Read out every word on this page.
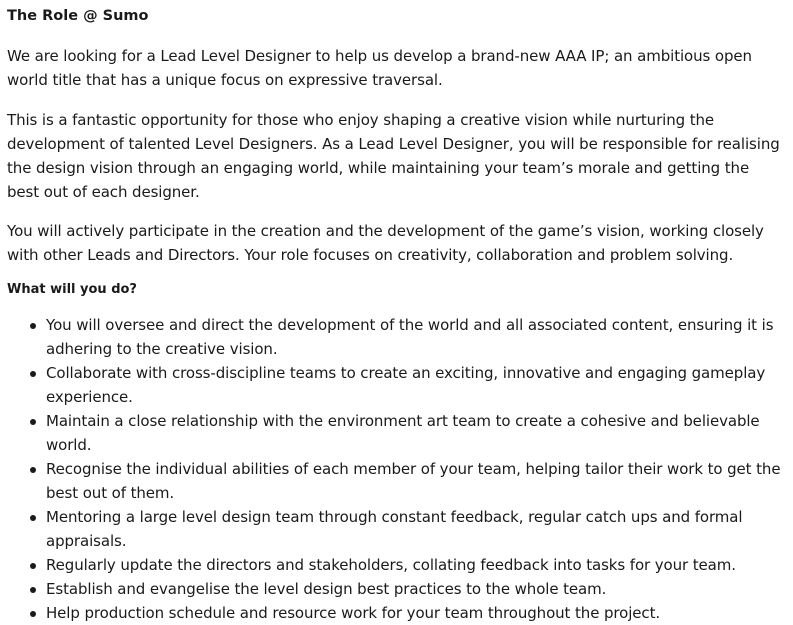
The Role @ Sumo

We are looking for a Lead Level Designer to help us develop a brand-new AAA IP; an ambitious open world title that has a unique focus on expressive traversal.

This is a fantastic opportunity for those who enjoy shaping a creative vision while nurturing the development of talented Level Designers. As a Lead Level Designer, you will be responsible for realising the design vision through an engaging world, while maintaining your team’s morale and getting the best out of each designer.

You will actively participate in the creation and the development of the game’s vision, working closely with other Leads and Directors. Your role focuses on creativity, collaboration and problem solving.

What will you do?
You will oversee and direct the development of the world and all associated content, ensuring it is adhering to the creative vision.
Collaborate with cross-discipline teams to create an exciting, innovative and engaging gameplay experience.
Maintain a close relationship with the environment art team to create a cohesive and believable world.
Recognise the individual abilities of each member of your team, helping tailor their work to get the best out of them.
Mentoring a large level design team through constant feedback, regular catch ups and formal appraisals.
Regularly update the directors and stakeholders, collating feedback into tasks for your team.
Establish and evangelise the level design best practices to the whole team.
Help production schedule and resource work for your team throughout the project.
